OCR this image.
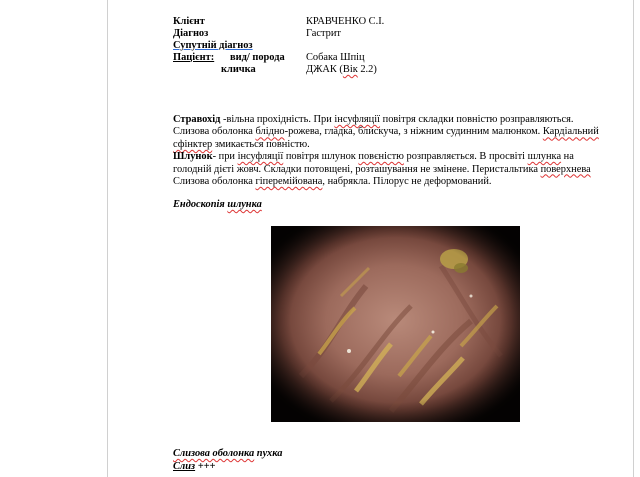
Клієнт	КРАВЧЕНКО С.І.
Діагноз	Гастрит
Супутній діагноз
Пацієнт: вид/ порода Собака Шпіц
кличка	ДЖАК (Вік 2.2)
Стравохід -вільна прохідність. При інсуфляції повітря складки повністю розправляються.
Слизова оболонка блідно-рожева, гладка, блискуча, з ніжним судинним малюнком. Кардіальний
сфінктер змикається повністю.
Шлунок- при інсуфляції повітря шлунок повєністю розправляється. В просвіті шлунка на
голодній дієті жовч. Складки потовщені, розташування не змінене. Перистальтика поверхнева
Слизова оболонка гіперемійована, набрякла. Пілорус не деформований.
Ендоскопія шлунка
Слизова оболонка пухка
Слиз +++
